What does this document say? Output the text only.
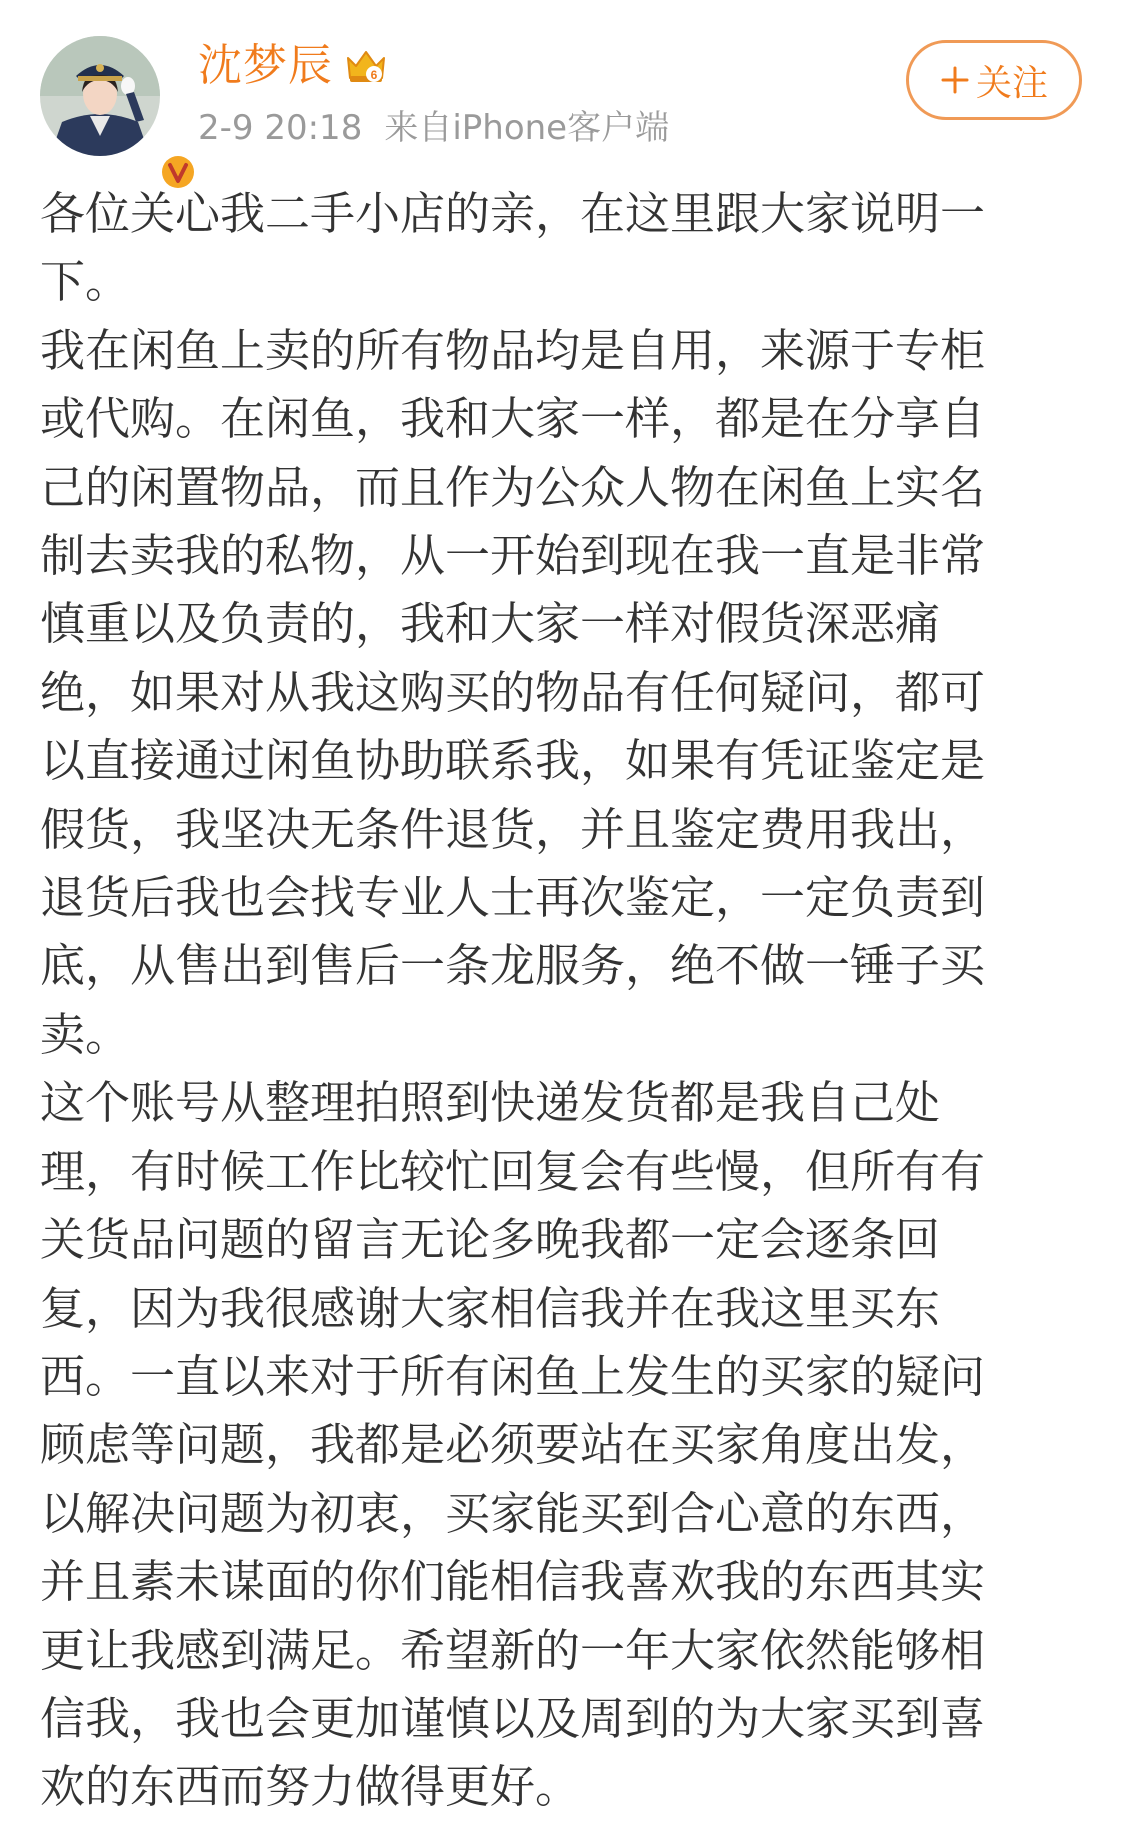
沈梦辰	6
2-9 20:18 来自iPhone客户端
关注

各位关心我二手小店的亲，在这里跟大家说明一

下。

我在闲鱼上卖的所有物品均是自用，来源于专柜

或代购。在闲鱼，我和大家一样，都是在分享自

己的闲置物品，而且作为公众人物在闲鱼上实名

制去卖我的私物，从一开始到现在我一直是非常

慎重以及负责的，我和大家一样对假货深恶痛

绝，如果对从我这购买的物品有任何疑问，都可

以直接通过闲鱼协助联系我，如果有凭证鉴定是

假货，我坚决无条件退货，并且鉴定费用我出，

退货后我也会找专业人士再次鉴定，一定负责到

底，从售出到售后一条龙服务，绝不做一锤子买

卖。

这个账号从整理拍照到快递发货都是我自己处

理，有时候工作比较忙回复会有些慢，但所有有

关货品问题的留言无论多晚我都一定会逐条回

复，因为我很感谢大家相信我并在我这里买东

西。一直以来对于所有闲鱼上发生的买家的疑问

顾虑等问题，我都是必须要站在买家角度出发，

以解决问题为初衷，买家能买到合心意的东西，

并且素未谋面的你们能相信我喜欢我的东西其实

更让我感到满足。希望新的一年大家依然能够相

信我，我也会更加谨慎以及周到的为大家买到喜

欢的东西而努力做得更好。
